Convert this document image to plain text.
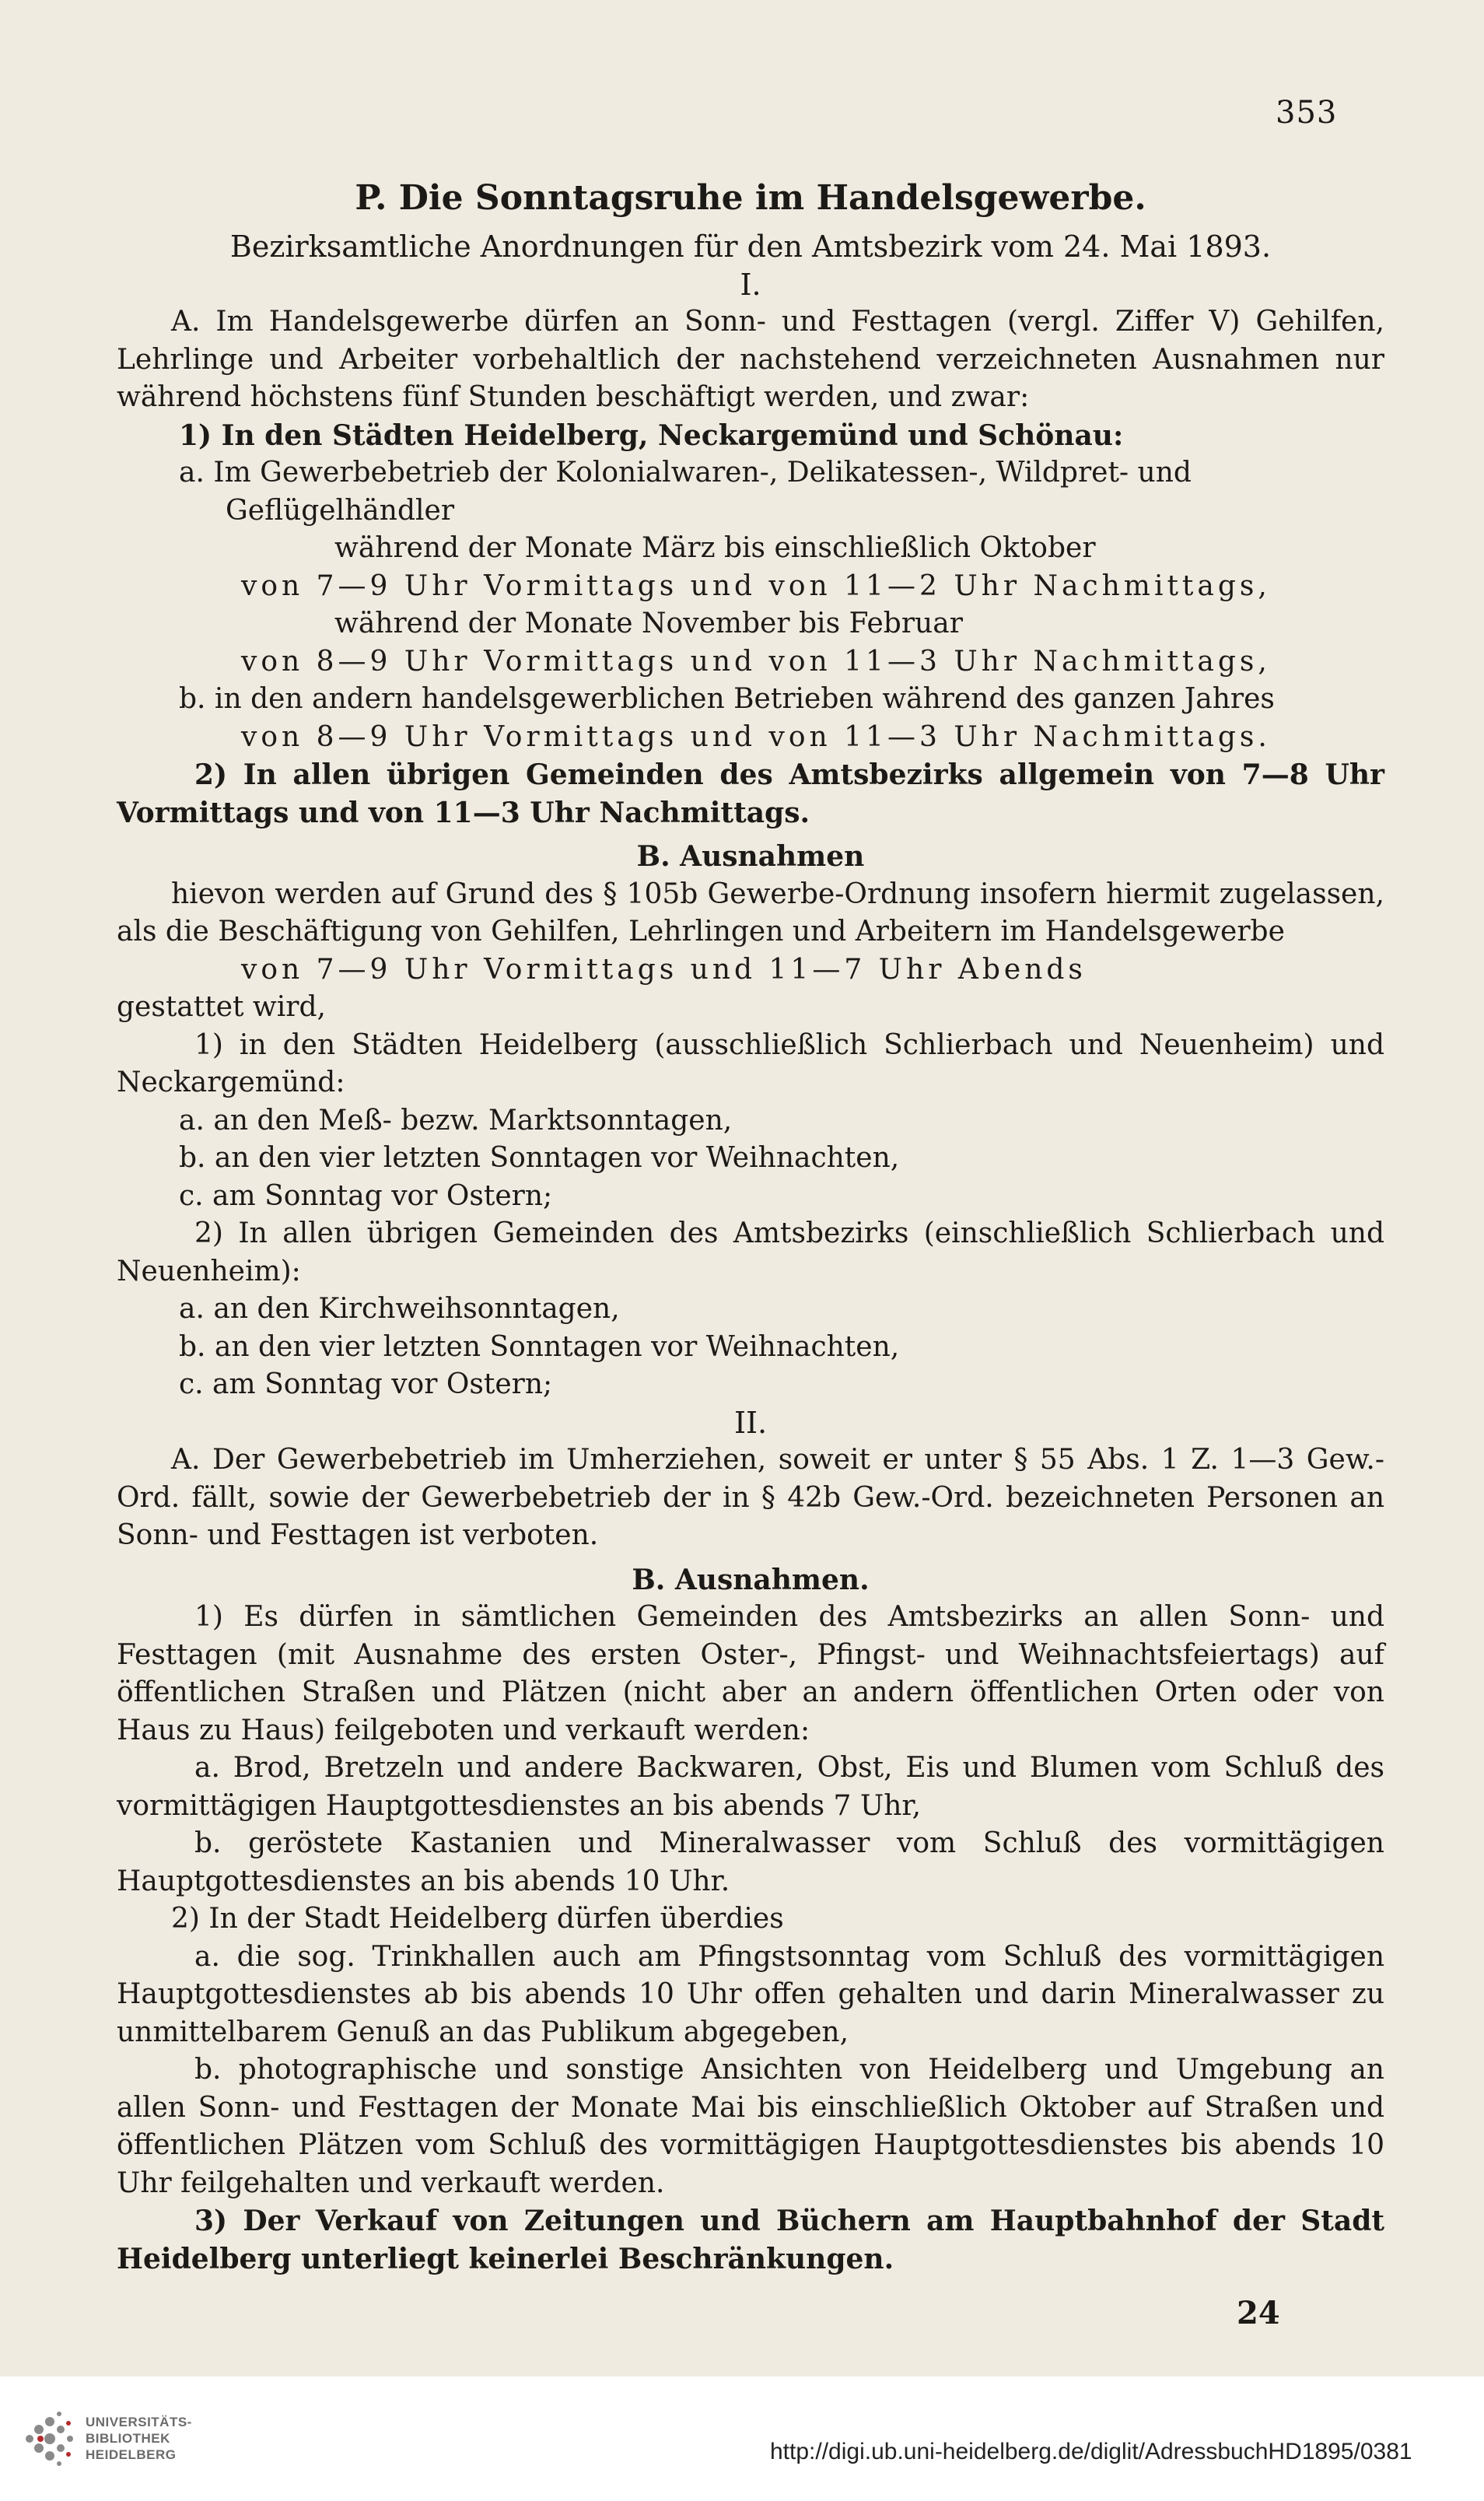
353
P. Die Sonntagsruhe im Handelsgewerbe.
Bezirksamtliche Anordnungen für den Amtsbezirk vom 24. Mai 1893.
I.
A. Im Handelsgewerbe dürfen an Sonn- und Festtagen (vergl. Ziffer V) Gehilfen, Lehrlinge und Arbeiter vorbehaltlich der nachstehend verzeichneten Ausnahmen nur während höchstens fünf Stunden beschäftigt werden, und zwar:
1) In den Städten Heidelberg, Neckargemünd und Schönau:
a. Im Gewerbebetrieb der Kolonialwaren-, Delikatessen-, Wildpret- und Geflügelhändler
während der Monate März bis einschließlich Oktober
von 7—9 Uhr Vormittags und von 11—2 Uhr Nachmittags,
während der Monate November bis Februar
von 8—9 Uhr Vormittags und von 11—3 Uhr Nachmittags,
b. in den andern handelsgewerblichen Betrieben während des ganzen Jahres
von 8—9 Uhr Vormittags und von 11—3 Uhr Nachmittags.
2) In allen übrigen Gemeinden des Amtsbezirks allgemein von 7—8 Uhr Vormittags und von 11—3 Uhr Nachmittags.
B. Ausnahmen
hievon werden auf Grund des § 105b Gewerbe-Ordnung insofern hiermit zugelassen, als die Beschäftigung von Gehilfen, Lehrlingen und Arbeitern im Handelsgewerbe
von 7—9 Uhr Vormittags und 11—7 Uhr Abends
gestattet wird,
1) in den Städten Heidelberg (ausschließlich Schlierbach und Neuenheim) und Neckargemünd:
a. an den Meß- bezw. Marktsonntagen,
b. an den vier letzten Sonntagen vor Weihnachten,
c. am Sonntag vor Ostern;
2) In allen übrigen Gemeinden des Amtsbezirks (einschließlich Schlierbach und Neuenheim):
a. an den Kirchweihsonntagen,
b. an den vier letzten Sonntagen vor Weihnachten,
c. am Sonntag vor Ostern;
II.
A. Der Gewerbebetrieb im Umherziehen, soweit er unter § 55 Abs. 1 Z. 1—3 Gew.-Ord. fällt, sowie der Gewerbebetrieb der in § 42b Gew.-Ord. bezeichneten Personen an Sonn- und Festtagen ist verboten.
B. Ausnahmen.
1) Es dürfen in sämtlichen Gemeinden des Amtsbezirks an allen Sonn- und Festtagen (mit Ausnahme des ersten Oster-, Pfingst- und Weihnachtsfeiertags) auf öffentlichen Straßen und Plätzen (nicht aber an andern öffentlichen Orten oder von Haus zu Haus) feilgeboten und verkauft werden:
a. Brod, Bretzeln und andere Backwaren, Obst, Eis und Blumen vom Schluß des vormittägigen Hauptgottesdienstes an bis abends 7 Uhr,
b. geröstete Kastanien und Mineralwasser vom Schluß des vormittägigen Hauptgottesdienstes an bis abends 10 Uhr.
2) In der Stadt Heidelberg dürfen überdies
a. die sog. Trinkhallen auch am Pfingstsonntag vom Schluß des vormittägigen Hauptgottesdienstes ab bis abends 10 Uhr offen gehalten und darin Mineralwasser zu unmittelbarem Genuß an das Publikum abgegeben,
b. photographische und sonstige Ansichten von Heidelberg und Umgebung an allen Sonn- und Festtagen der Monate Mai bis einschließlich Oktober auf Straßen und öffentlichen Plätzen vom Schluß des vormittägigen Hauptgottesdienstes bis abends 10 Uhr feilgehalten und verkauft werden.
3) Der Verkauf von Zeitungen und Büchern am Hauptbahnhof der Stadt Heidelberg unterliegt keinerlei Beschränkungen.
24
UNIVERSITÄTS-
BIBLIOTHEK
HEIDELBERG	http://digi.ub.uni-heidelberg.de/diglit/AdressbuchHD1895/0381
